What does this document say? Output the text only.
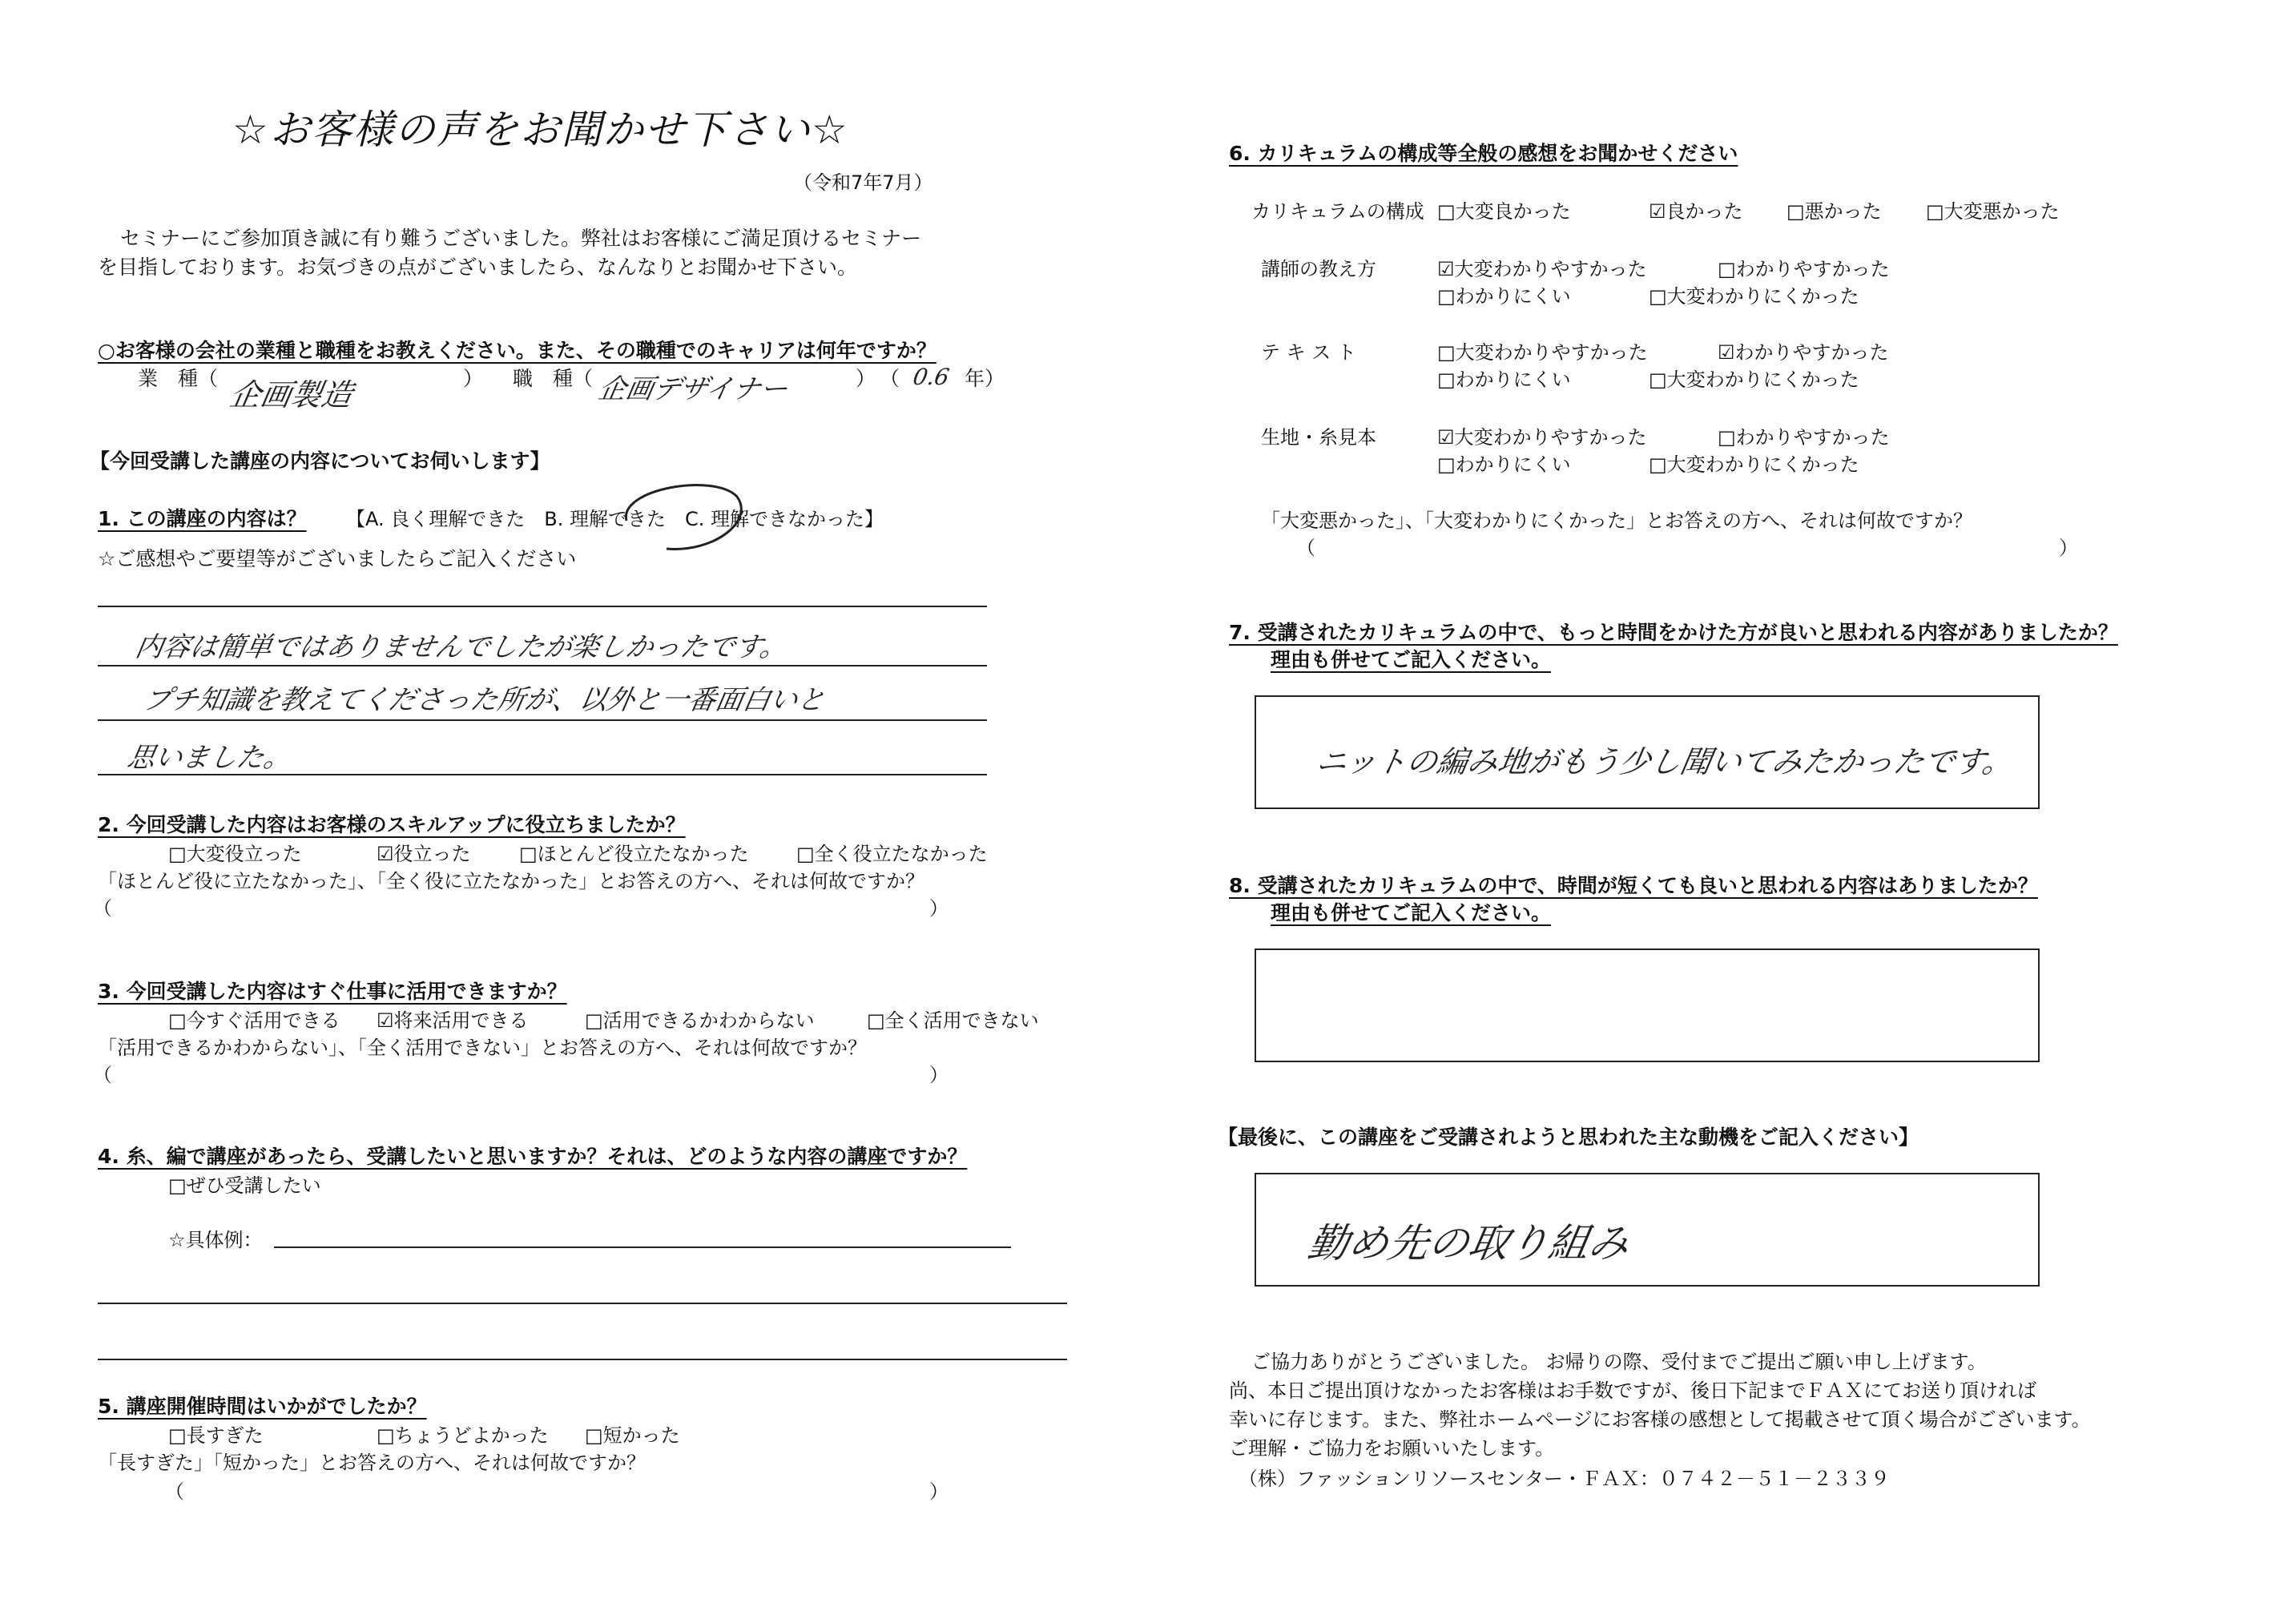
☆お客様の声をお聞かせ下さい☆
（令和7年7月）
セミナーにご参加頂き誠に有り難うございました。弊社はお客様にご満足頂けるセミナー
を目指しております。お気づきの点がございましたら、なんなりとお聞かせ下さい。
○お客様の会社の業種と職種をお教えください。また、その職種でのキャリアは何年ですか？
業　種（ 企画製造	） 職　種（ 企画デザイナー	） （ 0.6 年）
【今回受講した講座の内容についてお伺いします】
1. この講座の内容は？ 【A. 良く理解できた　B. 理解できた　C. 理解できなかった】
☆ご感想やご要望等がございましたらご記入ください
内容は簡単ではありませんでしたが楽しかったです。
プチ知識を教えてくださった所が、以外と一番面白いと
思いました。
2. 今回受講した内容はお客様のスキルアップに役立ちましたか？
□大変役立った	☑役立った	□ほとんど役立たなかった □全く役立たなかった
「ほとんど役に立たなかった」、「全く役に立たなかった」とお答えの方へ、それは何故ですか？
（	）
3. 今回受講した内容はすぐ仕事に活用できますか？
□今すぐ活用できる ☑将来活用できる	□活用できるかわからない	□全く活用できない
「活用できるかわからない」、「全く活用できない」とお答えの方へ、それは何故ですか？
（	）
4. 糸、編で講座があったら、受講したいと思いますか？それは、どのような内容の講座ですか？
□ぜひ受講したい
☆具体例：
5. 講座開催時間はいかがでしたか？
□長すぎた	□ちょうどよかった □短かった
「長すぎた」「短かった」とお答えの方へ、それは何故ですか？
（	）
6. カリキュラムの構成等全般の感想をお聞かせください
カリキュラムの構成 □大変良かった	☑良かった □悪かった □大変悪かった
講師の教え方	☑大変わかりやすかった	□わかりやすかった
□わかりにくい	□大変わかりにくかった
テ キ ス ト	□大変わかりやすかった	☑わかりやすかった
□わかりにくい	□大変わかりにくかった
生地・糸見本	☑大変わかりやすかった	□わかりやすかった
□わかりにくい	□大変わかりにくかった
「大変悪かった」、「大変わかりにくかった」とお答えの方へ、それは何故ですか？
（	）
7. 受講されたカリキュラムの中で、もっと時間をかけた方が良いと思われる内容がありましたか？
理由も併せてご記入ください。
ニットの編み地がもう少し聞いてみたかったです。
8. 受講されたカリキュラムの中で、時間が短くても良いと思われる内容はありましたか？
理由も併せてご記入ください。
【最後に、この講座をご受講されようと思われた主な動機をご記入ください】
勤め先の取り組み
ご協力ありがとうございました。 お帰りの際、受付までご提出ご願い申し上げます。
尚、本日ご提出頂けなかったお客様はお手数ですが、後日下記までＦＡＸにてお送り頂ければ
幸いに存じます。また、弊社ホームページにお客様の感想として掲載させて頂く場合がございます。
ご理解・ご協力をお願いいたします。
（株）ファッションリソースセンター・ＦＡＸ：０７４２－５１－２３３９
